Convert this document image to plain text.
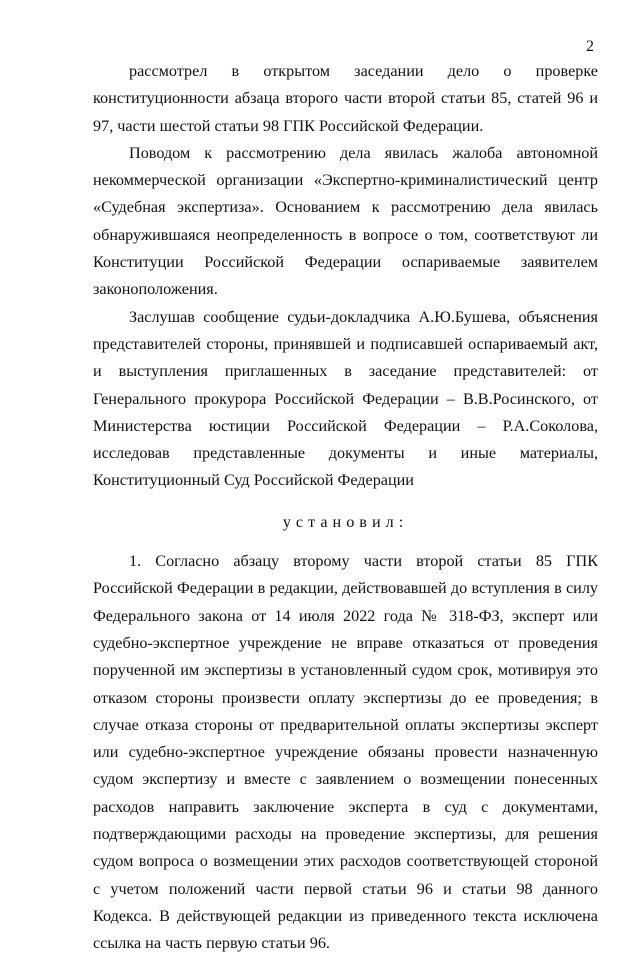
2

рассмотрел в открытом заседании дело о проверке конституционности абзаца второго части второй статьи 85, статей 96 и 97, части шестой статьи 98 ГПК Российской Федерации.

Поводом к рассмотрению дела явилась жалоба автономной некоммерческой организации «Экспертно-криминалистический центр «Судебная экспертиза». Основанием к рассмотрению дела явилась обнаружившаяся неопределенность в вопросе о том, соответствуют ли Конституции Российской Федерации оспариваемые заявителем законоположения.

Заслушав сообщение судьи-докладчика А.Ю.Бушева, объяснения представителей стороны, принявшей и подписавшей оспариваемый акт, и выступления приглашенных в заседание представителей: от Генерального прокурора Российской Федерации – В.В.Росинского, от Министерства юстиции Российской Федерации – Р.А.Соколова, исследовав представленные документы и иные материалы, Конституционный Суд Российской Федерации

установил:

1. Согласно абзацу второму части второй статьи 85 ГПК Российской Федерации в редакции, действовавшей до вступления в силу Федерального закона от 14 июля 2022 года № 318-ФЗ, эксперт или судебно-экспертное учреждение не вправе отказаться от проведения порученной им экспертизы в установленный судом срок, мотивируя это отказом стороны произвести оплату экспертизы до ее проведения; в случае отказа стороны от предварительной оплаты экспертизы эксперт или судебно-экспертное учреждение обязаны провести назначенную судом экспертизу и вместе с заявлением о возмещении понесенных расходов направить заключение эксперта в суд с документами, подтверждающими расходы на проведение экспертизы, для решения судом вопроса о возмещении этих расходов соответствующей стороной с учетом положений части первой статьи 96 и статьи 98 данного Кодекса. В действующей редакции из приведенного текста исключена ссылка на часть первую статьи 96.
